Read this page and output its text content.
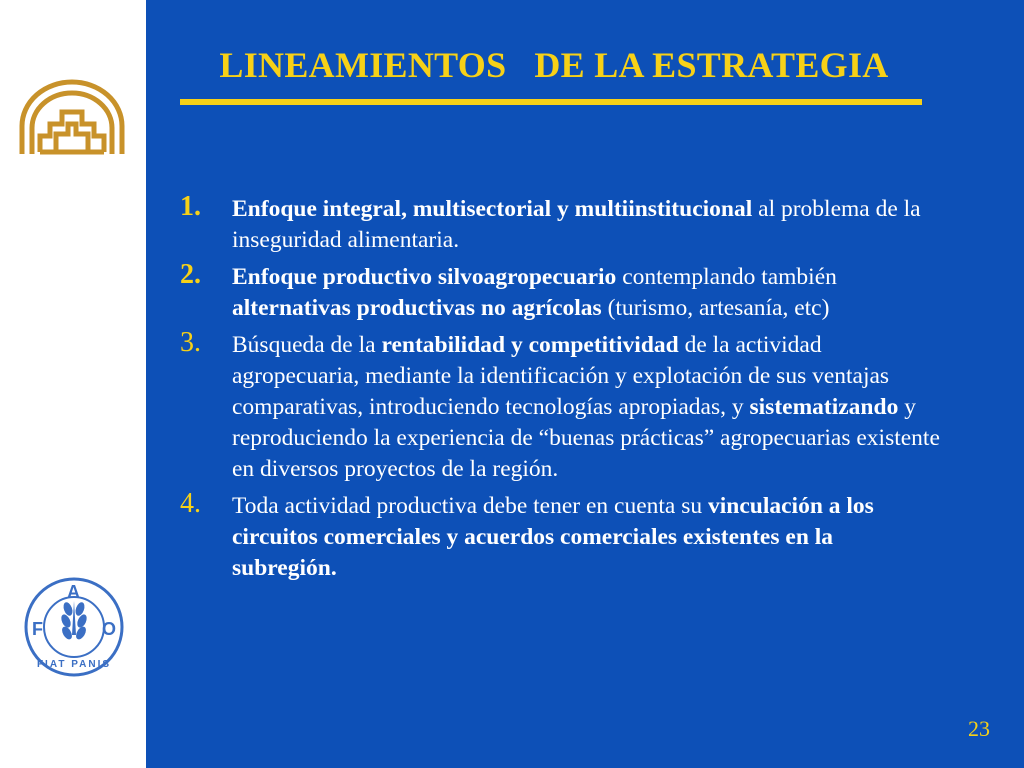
F
A
O
FIAT PANIS
LINEAMIENTOS   DE LA ESTRATEGIA
1. Enfoque integral, multisectorial y multiinstitucional al problema de la inseguridad alimentaria.
2. Enfoque productivo silvoagropecuario contemplando también alternativas productivas no agrícolas (turismo, artesanía, etc)
3. Búsqueda de la rentabilidad y competitividad de la actividad agropecuaria, mediante la identificación y explotación de sus ventajas comparativas, introduciendo tecnologías apropiadas, y sistematizando y reproduciendo la experiencia de “buenas prácticas” agropecuarias existente en diversos proyectos de la región.
4. Toda actividad productiva debe tener en cuenta su vinculación a los circuitos comerciales y acuerdos comerciales existentes en la subregión.
23
